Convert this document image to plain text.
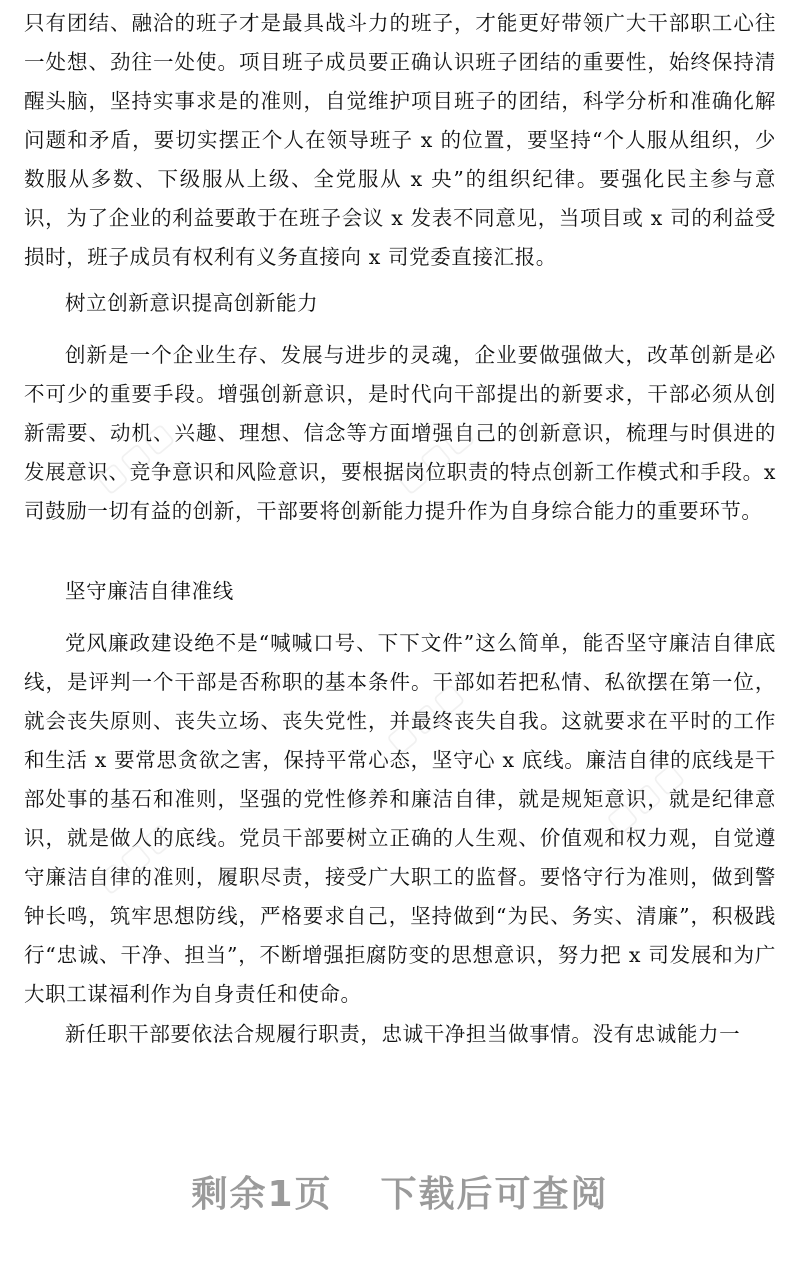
只有团结、融洽的班子才是最具战斗力的班子，才能更好带领广大干部职工心往一处想、劲往一处使。项目班子成员要正确认识班子团结的重要性，始终保持清醒头脑，坚持实事求是的准则，自觉维护项目班子的团结，科学分析和准确化解问题和矛盾，要切实摆正个人在领导班子 x 的位置，要坚持“个人服从组织，少数服从多数、下级服从上级、全党服从 x 央”的组织纪律。要强化民主参与意识，为了企业的利益要敢于在班子会议 x 发表不同意见，当项目或 x 司的利益受损时，班子成员有权利有义务直接向 x 司党委直接汇报。

树立创新意识提高创新能力

创新是一个企业生存、发展与进步的灵魂，企业要做强做大，改革创新是必不可少的重要手段。增强创新意识，是时代向干部提出的新要求，干部必须从创新需要、动机、兴趣、理想、信念等方面增强自己的创新意识，梳理与时俱进的发展意识、竞争意识和风险意识，要根据岗位职责的特点创新工作模式和手段。x 司鼓励一切有益的创新，干部要将创新能力提升作为自身综合能力的重要环节。

坚守廉洁自律准线

党风廉政建设绝不是“喊喊口号、下下文件”这么简单，能否坚守廉洁自律底线，是评判一个干部是否称职的基本条件。干部如若把私情、私欲摆在第一位，就会丧失原则、丧失立场、丧失党性，并最终丧失自我。这就要求在平时的工作和生活 x 要常思贪欲之害，保持平常心态，坚守心 x 底线。廉洁自律的底线是干部处事的基石和准则，坚强的党性修养和廉洁自律，就是规矩意识，就是纪律意识，就是做人的底线。党员干部要树立正确的人生观、价值观和权力观，自觉遵守廉洁自律的准则，履职尽责，接受广大职工的监督。要恪守行为准则，做到警钟长鸣，筑牢思想防线，严格要求自己，坚持做到“为民、务实、清廉”，积极践行“忠诚、干净、担当”，不断增强拒腐防变的思想意识，努力把 x 司发展和为广大职工谋福利作为自身责任和使命。

新任职干部要依法合规履行职责，忠诚干净担当做事情。没有忠诚能力一

▢▢▢	▢▢▢
▢▢▢
▢▢▢
▢▢▢
剩余1页 下载后可查阅
